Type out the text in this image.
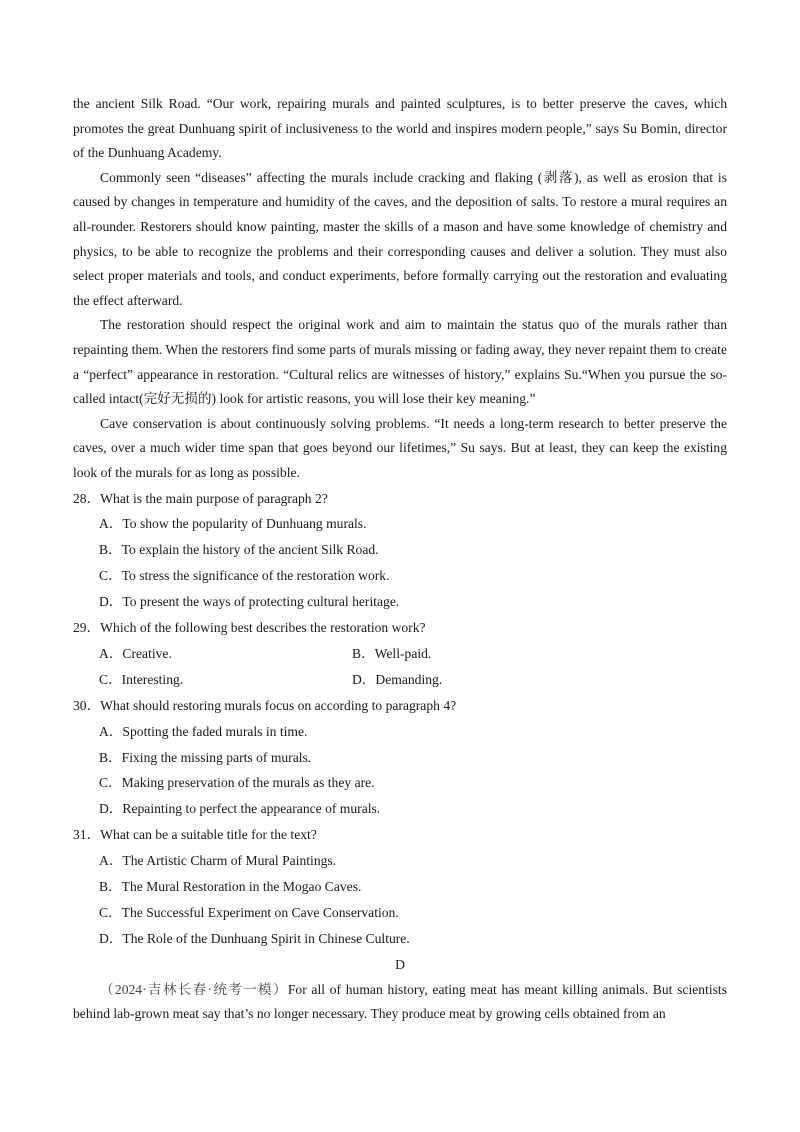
the ancient Silk Road. “Our work, repairing murals and painted sculptures, is to better preserve the caves, which promotes the great Dunhuang spirit of inclusiveness to the world and inspires modern people,” says Su Bomin, director of the Dunhuang Academy.

Commonly seen “diseases” affecting the murals include cracking and flaking (剥落), as well as erosion that is caused by changes in temperature and humidity of the caves, and the deposition of salts. To restore a mural requires an all-rounder. Restorers should know painting, master the skills of a mason and have some knowledge of chemistry and physics, to be able to recognize the problems and their corresponding causes and deliver a solution. They must also select proper materials and tools, and conduct experiments, before formally carrying out the restoration and evaluating the effect afterward.

The restoration should respect the original work and aim to maintain the status quo of the murals rather than repainting them. When the restorers find some parts of murals missing or fading away, they never repaint them to create a “perfect” appearance in restoration. “Cultural relics are witnesses of history,” explains Su.“When you pursue the so-called intact(完好无损的) look for artistic reasons, you will lose their key meaning.”

Cave conservation is about continuously solving problems. “It needs a long-term research to better preserve the caves, over a much wider time span that goes beyond our lifetimes,” Su says. But at least, they can keep the existing look of the murals for as long as possible.

28．What is the main purpose of paragraph 2?

A．To show the popularity of Dunhuang murals.

B．To explain the history of the ancient Silk Road.

C．To stress the significance of the restoration work.

D．To present the ways of protecting cultural heritage.

29．Which of the following best describes the restoration work?

A．Creative.	B．Well-paid.
C．Interesting.	D．Demanding.

30．What should restoring murals focus on according to paragraph 4?

A．Spotting the faded murals in time.

B．Fixing the missing parts of murals.

C．Making preservation of the murals as they are.

D．Repainting to perfect the appearance of murals.

31．What can be a suitable title for the text?

A．The Artistic Charm of Mural Paintings.

B．The Mural Restoration in the Mogao Caves.

C．The Successful Experiment on Cave Conservation.

D．The Role of the Dunhuang Spirit in Chinese Culture.

D

（2024·吉林长春·统考一模）For all of human history, eating meat has meant killing animals. But scientists behind lab-grown meat say that’s no longer necessary. They produce meat by growing cells obtained from an
